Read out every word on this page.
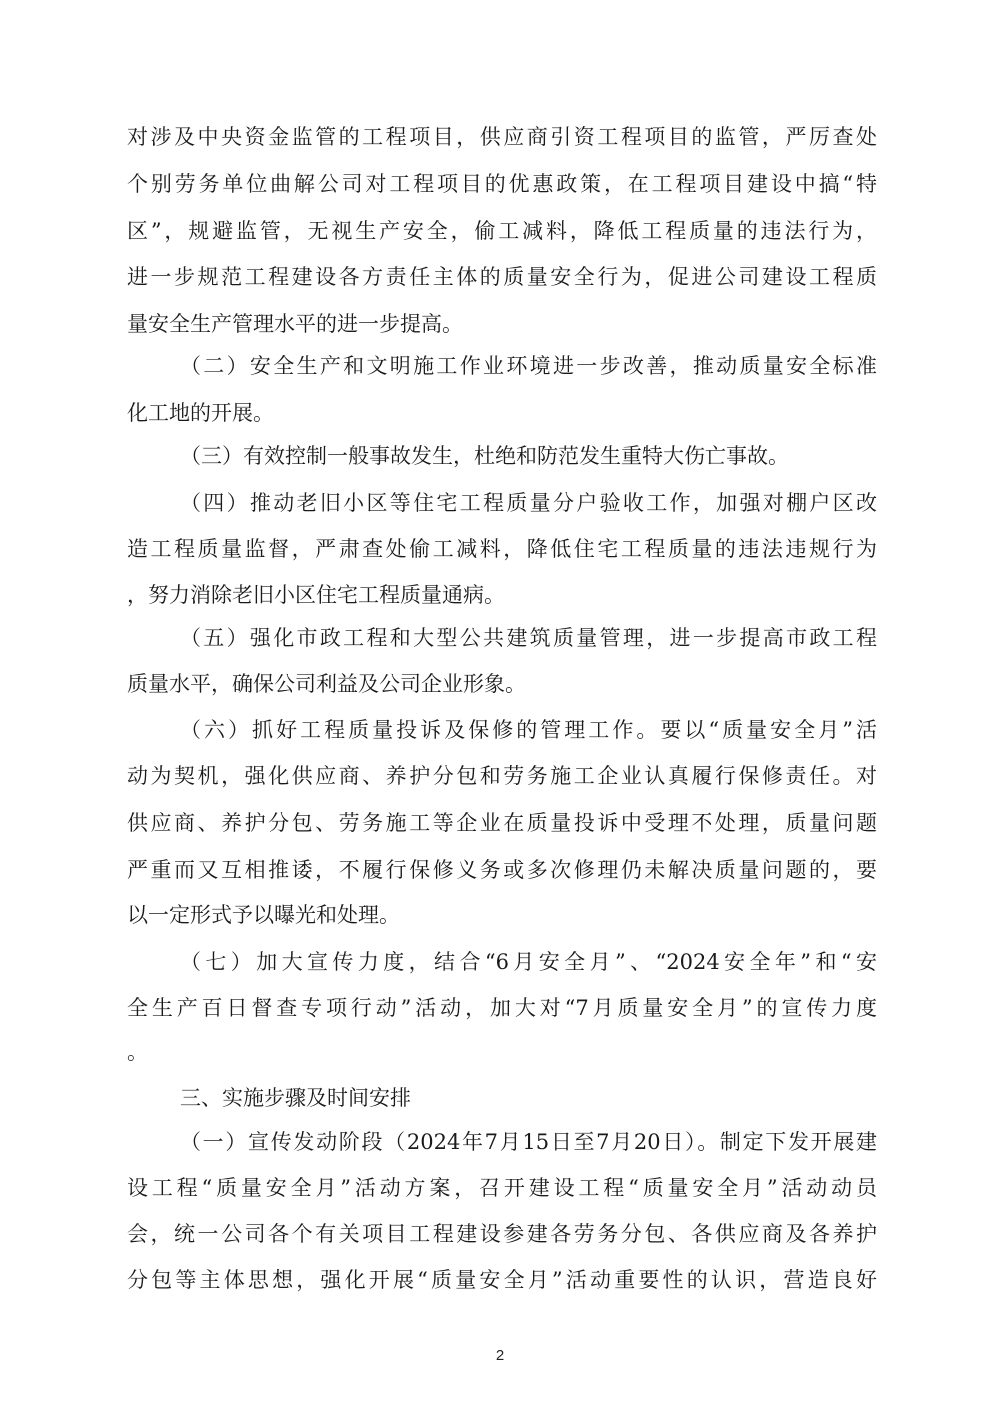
对涉及中央资金监管的工程项目，供应商引资工程项目的监管，严厉查处
个别劳务单位曲解公司对工程项目的优惠政策，在工程项目建设中搞“特
区”，规避监管，无视生产安全，偷工减料，降低工程质量的违法行为，
进一步规范工程建设各方责任主体的质量安全行为，促进公司建设工程质
量安全生产管理水平的进一步提高。
（二）安全生产和文明施工作业环境进一步改善，推动质量安全标准
化工地的开展。
（三）有效控制一般事故发生，杜绝和防范发生重特大伤亡事故。
（四）推动老旧小区等住宅工程质量分户验收工作，加强对棚户区改
造工程质量监督，严肃查处偷工减料，降低住宅工程质量的违法违规行为
，努力消除老旧小区住宅工程质量通病。
（五）强化市政工程和大型公共建筑质量管理，进一步提高市政工程
质量水平，确保公司利益及公司企业形象。
（六）抓好工程质量投诉及保修的管理工作。要以“质量安全月”活
动为契机，强化供应商、养护分包和劳务施工企业认真履行保修责任。对
供应商、养护分包、劳务施工等企业在质量投诉中受理不处理，质量问题
严重而又互相推诿，不履行保修义务或多次修理仍未解决质量问题的，要
以一定形式予以曝光和处理。
（七）加大宣传力度，结合“6月安全月”、“2024安全年”和“安
全生产百日督查专项行动”活动，加大对“7月质量安全月”的宣传力度
。
三、实施步骤及时间安排
（一）宣传发动阶段（2024年7月15日至7月20日）。制定下发开展建
设工程“质量安全月”活动方案，召开建设工程“质量安全月”活动动员
会，统一公司各个有关项目工程建设参建各劳务分包、各供应商及各养护
分包等主体思想，强化开展“质量安全月”活动重要性的认识，营造良好
2
